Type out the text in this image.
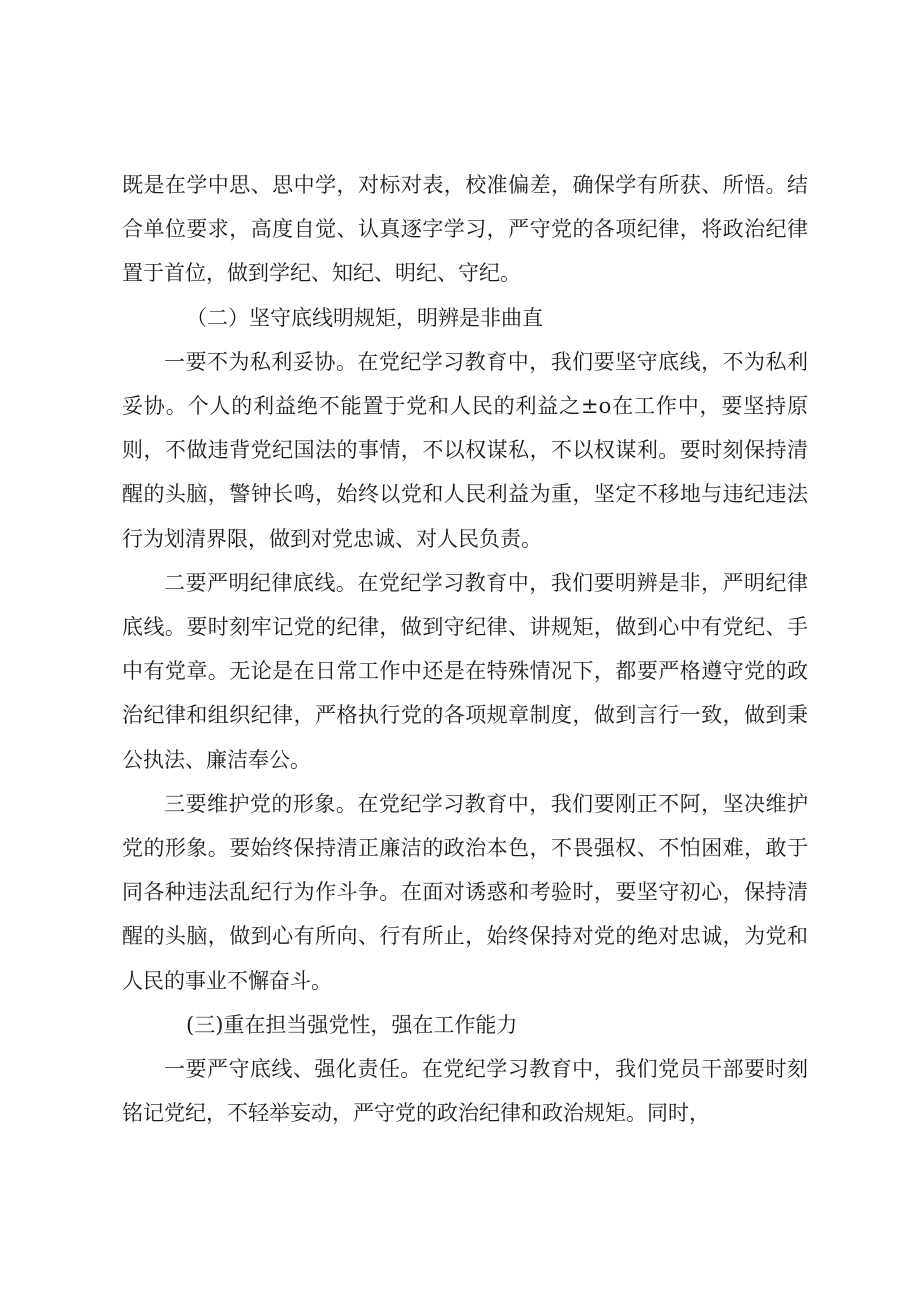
既是在学中思、思中学，对标对表，校准偏差，确保学有所获、所悟。结合单位要求，高度自觉、认真逐字学习，严守党的各项纪律，将政治纪律置于首位，做到学纪、知纪、明纪、守纪。

（二）坚守底线明规矩，明辨是非曲直

一要不为私利妥协。在党纪学习教育中，我们要坚守底线，不为私利妥协。个人的利益绝不能置于党和人民的利益之±o在工作中，要坚持原则，不做违背党纪国法的事情，不以权谋私，不以权谋利。要时刻保持清醒的头脑，警钟长鸣，始终以党和人民利益为重，坚定不移地与违纪违法行为划清界限，做到对党忠诚、对人民负责。

二要严明纪律底线。在党纪学习教育中，我们要明辨是非，严明纪律底线。要时刻牢记党的纪律，做到守纪律、讲规矩，做到心中有党纪、手中有党章。无论是在日常工作中还是在特殊情况下，都要严格遵守党的政治纪律和组织纪律，严格执行党的各项规章制度，做到言行一致，做到秉公执法、廉洁奉公。

三要维护党的形象。在党纪学习教育中，我们要刚正不阿，坚决维护党的形象。要始终保持清正廉洁的政治本色，不畏强权、不怕困难，敢于同各种违法乱纪行为作斗争。在面对诱惑和考验时，要坚守初心，保持清醒的头脑，做到心有所向、行有所止，始终保持对党的绝对忠诚，为党和人民的事业不懈奋斗。

(三)重在担当强党性，强在工作能力

一要严守底线、强化责任。在党纪学习教育中，我们党员干部要时刻铭记党纪，不轻举妄动，严守党的政治纪律和政治规矩。同时，
